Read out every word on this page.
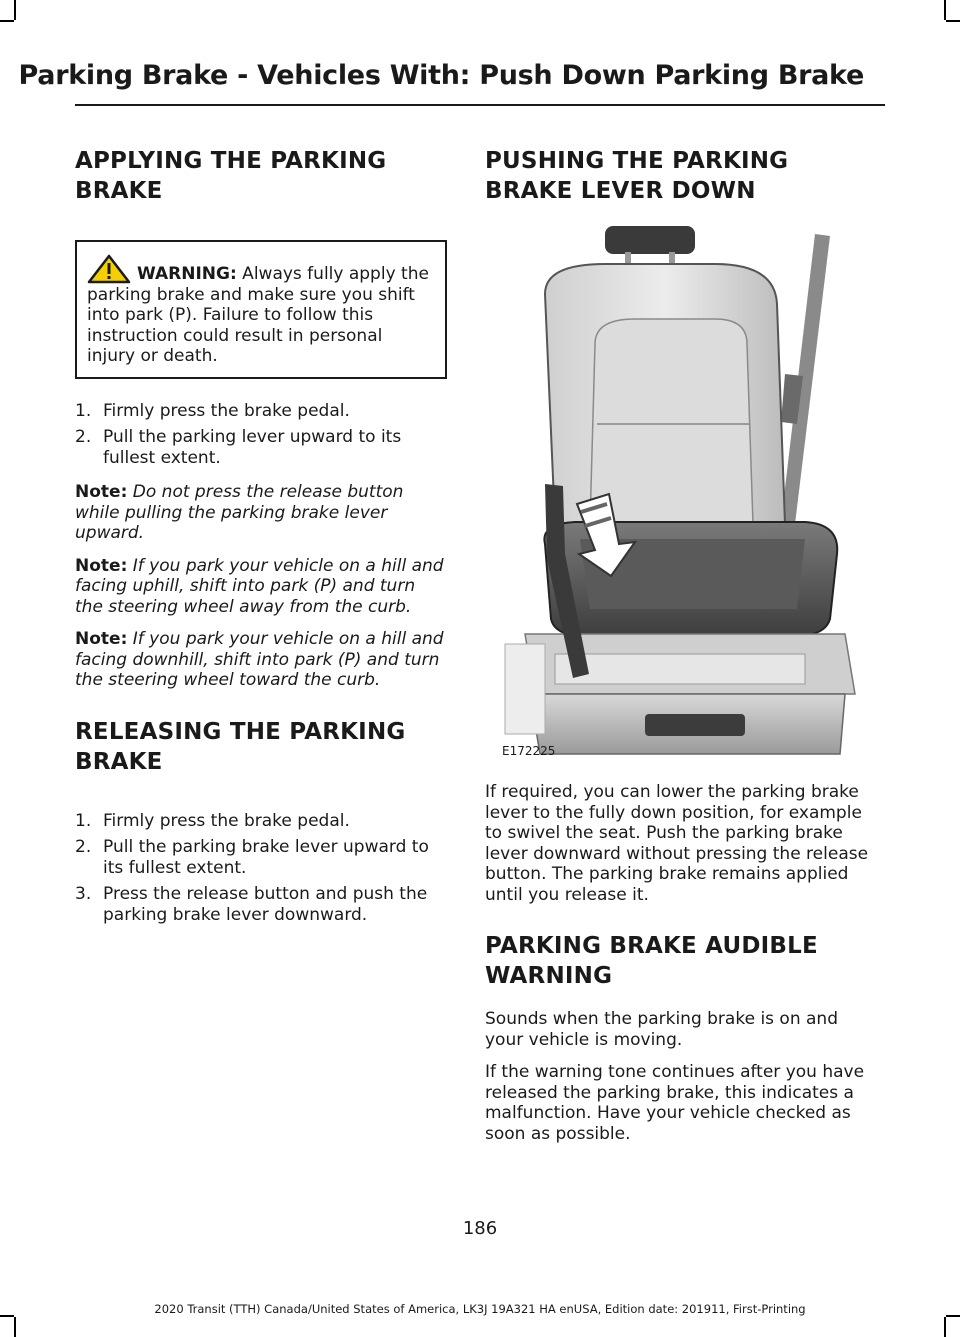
Parking Brake - Vehicles With: Push Down Parking Brake
APPLYING THE PARKING
BRAKE
WARNING: Always fully apply the parking brake and make sure you shift into park (P). Failure to follow this instruction could result in personal injury or death.
1. Firmly press the brake pedal.
2. Pull the parking lever upward to its fullest extent.

Note: Do not press the release button while pulling the parking brake lever upward.

Note: If you park your vehicle on a hill and facing uphill, shift into park (P) and turn the steering wheel away from the curb.

Note: If you park your vehicle on a hill and facing downhill, shift into park (P) and turn the steering wheel toward the curb.

RELEASING THE PARKING
BRAKE
1. Firmly press the brake pedal.
2. Pull the parking brake lever upward to its fullest extent.
3. Press the release button and push the parking brake lever downward.
PUSHING THE PARKING
BRAKE LEVER DOWN
E172225

If required, you can lower the parking brake lever to the fully down position, for example to swivel the seat. Push the parking brake lever downward without pressing the release button. The parking brake remains applied until you release it.

PARKING BRAKE AUDIBLE
WARNING

Sounds when the parking brake is on and your vehicle is moving.

If the warning tone continues after you have released the parking brake, this indicates a malfunction. Have your vehicle checked as soon as possible.

186
2020 Transit (TTH) Canada/United States of America, LK3J 19A321 HA enUSA, Edition date: 201911, First-Printing
